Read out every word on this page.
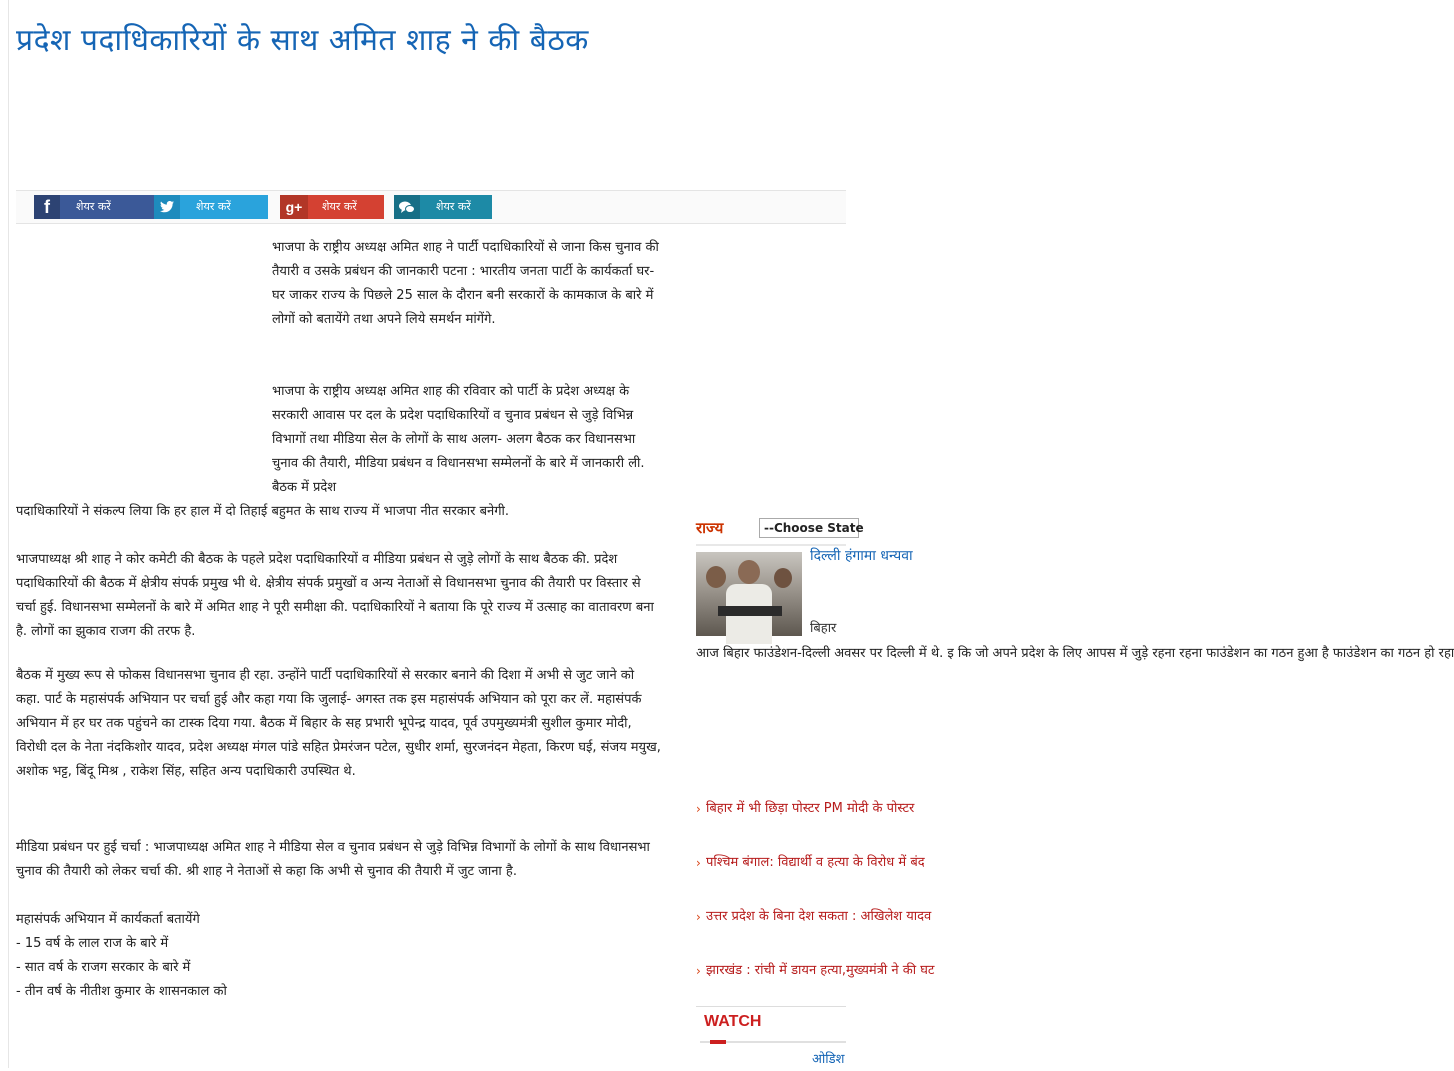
प्रदेश पदाधिकारियों के साथ अमित शाह ने की बैठक
f	शेयर करें	शेयर करें	g+	शेयर करें	शेयर करें

भाजपा के राष्ट्रीय अध्यक्ष अमित शाह ने पार्टी पदाधिकारियों से जाना किस चुनाव की तैयारी व उसके प्रबंधन की जानकारी पटना : भारतीय जनता पार्टी के कार्यकर्ता घर- घर जाकर राज्य के पिछले 25 साल के दौरान बनी सरकारों के कामकाज के बारे में लोगों को बतायेंगे तथा अपने लिये समर्थन मांगेंगे.

भाजपा के राष्ट्रीय अध्यक्ष अमित शाह की रविवार को पार्टी के प्रदेश अध्यक्ष के सरकारी आवास पर दल के प्रदेश पदाधिकारियों व चुनाव प्रबंधन से जुड़े विभिन्न विभागों तथा मीडिया सेल के लोगों के साथ अलग- अलग बैठक कर विधानसभा चुनाव की तैयारी, मीडिया प्रबंधन व विधानसभा सम्मेलनों के बारे में जानकारी ली. बैठक में प्रदेश

पदाधिकारियों ने संकल्प लिया कि हर हाल में दो तिहाई बहुमत के साथ राज्य में भाजपा नीत सरकार बनेगी.

भाजपाध्यक्ष श्री शाह ने कोर कमेटी की बैठक के पहले प्रदेश पदाधिकारियों व मीडिया प्रबंधन से जुड़े लोगों के साथ बैठक की. प्रदेश पदाधिकारियों की बैठक में क्षेत्रीय संपर्क प्रमुख भी थे. क्षेत्रीय संपर्क प्रमुखों व अन्य नेताओं से विधानसभा चुनाव की तैयारी पर विस्तार से चर्चा हुई. विधानसभा सम्मेलनों के बारे में अमित शाह ने पूरी समीक्षा की. पदाधिकारियों ने बताया कि पूरे राज्य में उत्साह का वातावरण बना है. लोगों का झुकाव राजग की तरफ है.

बैठक में मुख्य रूप से फोकस विधानसभा चुनाव ही रहा. उन्होंने पार्टी पदाधिकारियों से सरकार बनाने की दिशा में अभी से जुट जाने को कहा. पार्ट के महासंपर्क अभियान पर चर्चा हुई और कहा गया कि जुलाई- अगस्त तक इस महासंपर्क अभियान को पूरा कर लें. महासंपर्क अभियान में हर घर तक पहुंचने का टास्क दिया गया. बैठक में बिहार के सह प्रभारी भूपेन्द्र यादव, पूर्व उपमुख्यमंत्री सुशील कुमार मोदी, विरोधी दल के नेता नंदकिशोर यादव, प्रदेश अध्यक्ष मंगल पांडे सहित प्रेमरंजन पटेल, सुधीर शर्मा, सुरजनंदन मेहता, किरण घई, संजय मयुख, अशोक भट्ट, बिंदू मिश्र , राकेश सिंह, सहित अन्य पदाधिकारी उपस्थित थे.

मीडिया प्रबंधन पर हुई चर्चा : भाजपाध्यक्ष अमित शाह ने मीडिया सेल व चुनाव प्रबंधन से जुड़े विभिन्न विभागों के लोगों के साथ विधानसभा चुनाव की तैयारी को लेकर चर्चा की. श्री शाह ने नेताओं से कहा कि अभी से चुनाव की तैयारी में जुट जाना है.

महासंपर्क अभियान में कार्यकर्ता बतायेंगे

- 15 वर्ष के लाल राज के बारे में

- सात वर्ष के राजग सरकार के बारे में

- तीन वर्ष के नीतीश कुमार के शासनकाल को

राज्य	--Choose State
दिल्ली हंगामा धन्यवा
बिहार
आज बिहार फाउंडेशन-दिल्ली अवसर पर दिल्ली में थे. इ कि जो अपने प्रदेश के लिए आपस में जुड़े रहना रहना फाउंडेशन का गठन हुआ है फाउंडेशन का गठन हो रहा
› बिहार में भी छिड़ा पोस्टर PM मोदी के पोस्टर
› पश्चिम बंगाल: विद्यार्थी व हत्या के विरोध में बंद
› उत्तर प्रदेश के बिना देश सकता : अखिलेश यादव
› झारखंड : रांची में डायन हत्या,मुख्यमंत्री ने की घट
WATCH
ओडिश
